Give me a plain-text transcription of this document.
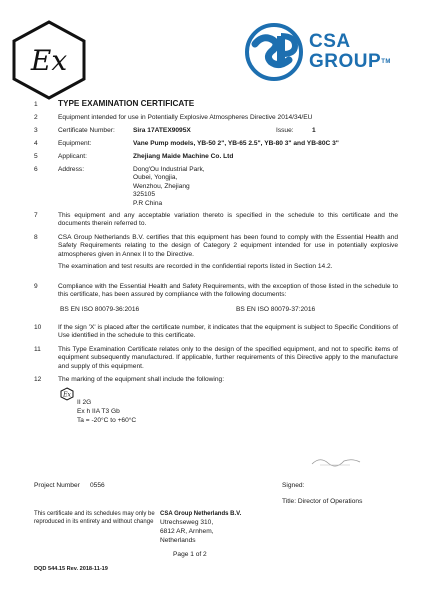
Ex
CSA
GROUP™
1 TYPE EXAMINATION CERTIFICATE
2	Equipment intended for use in Potentially Explosive Atmospheres Directive 2014/34/EU
3	Certificate Number:	Sira 17ATEX9095X	Issue:	1
4	Equipment:	Vane Pump models, YB-50 2", YB-65 2.5", YB-80 3" and YB-80C 3"
5	Applicant:	Zhejiang Maide Machine Co. Ltd
6	Address:	Dong'Ou Industrial Park,
Oubei, Yongjia,
Wenzhou, Zhejiang
325105
P.R China
7	This equipment and any acceptable variation thereto is specified in the schedule to this certificate and the documents therein referred to.
8	CSA Group Netherlands B.V. certifies that this equipment has been found to comply with the Essential Health and Safety Requirements relating to the design of Category 2 equipment intended for use in potentially explosive atmospheres given in Annex II to the Directive.
The examination and test results are recorded in the confidential reports listed in Section 14.2.
9	Compliance with the Essential Health and Safety Requirements, with the exception of those listed in the schedule to this certificate, has been assured by compliance with the following documents:
BS EN ISO 80079-36:2016	BS EN ISO 80079-37:2016
10	If the sign 'X' is placed after the certificate number, it indicates that the equipment is subject to Specific Conditions of Use identified in the schedule to this certificate.
11	This Type Examination Certificate relates only to the design of the specified equipment, and not to specific items of equipment subsequently manufactured. If applicable, further requirements of this Directive apply to the manufacture and supply of this equipment.
12	The marking of the equipment shall include the following:
Ex
II 2G
Ex h IIA T3 Gb
Ta = -20°C to +60°C
Project Number 0556	Signed:
Title: Director of Operations
This certificate and its schedules may only be
reproduced in its entirety and without change
CSA Group Netherlands B.V.
Utrechseweg 310,
6812 AR, Arnhem,
Netherlands
Page 1 of 2
DQD 544.15 Rev. 2018-11-19
